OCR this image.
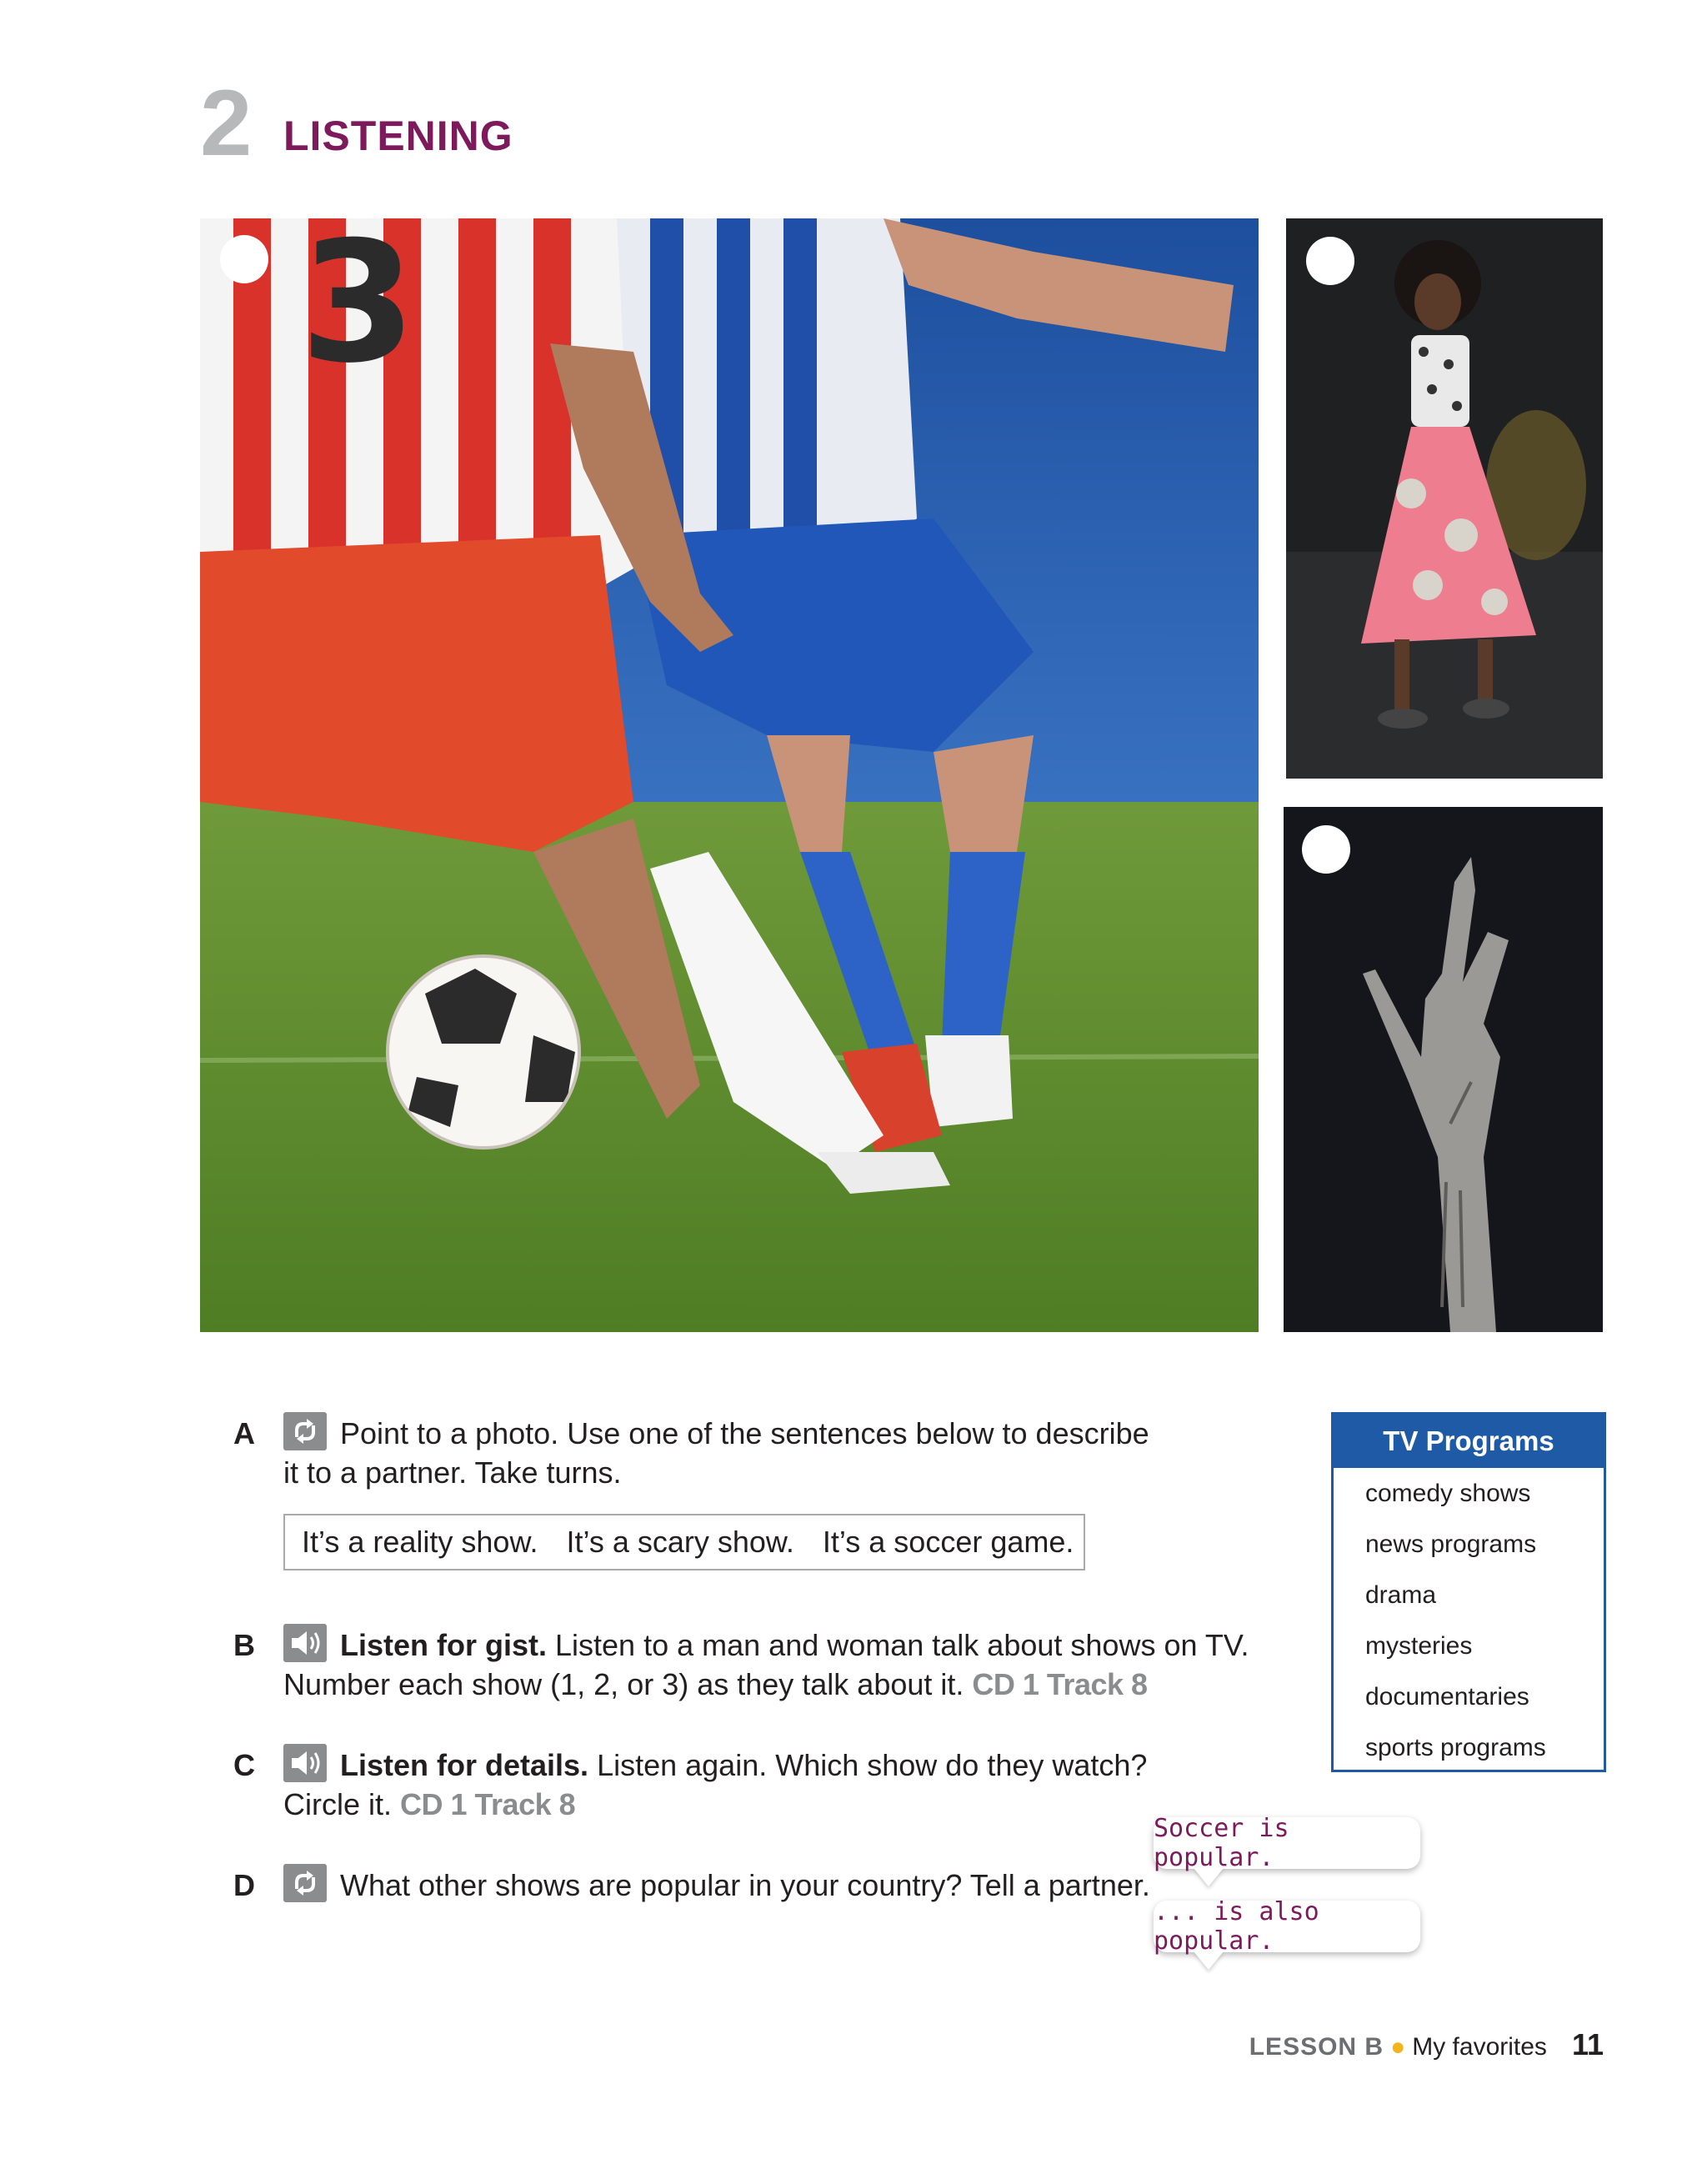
2 LISTENING
3
A	Point to a photo. Use one of the sentences below to describe
it to a partner. Take turns.
It’s a reality show. It’s a scary show. It’s a soccer game.
B	Listen for gist. Listen to a man and woman talk about shows on TV.
Number each show (1, 2, or 3) as they talk about it. CD 1 Track 8
C	Listen for details. Listen again. Which show do they watch?
Circle it. CD 1 Track 8
D	What other shows are popular in your country? Tell a partner.
TV Programs
comedy shows
news programs
drama
mysteries
documentaries
sports programs
Soccer is popular.
... is also popular.
LESSON B ● My favorites 11
